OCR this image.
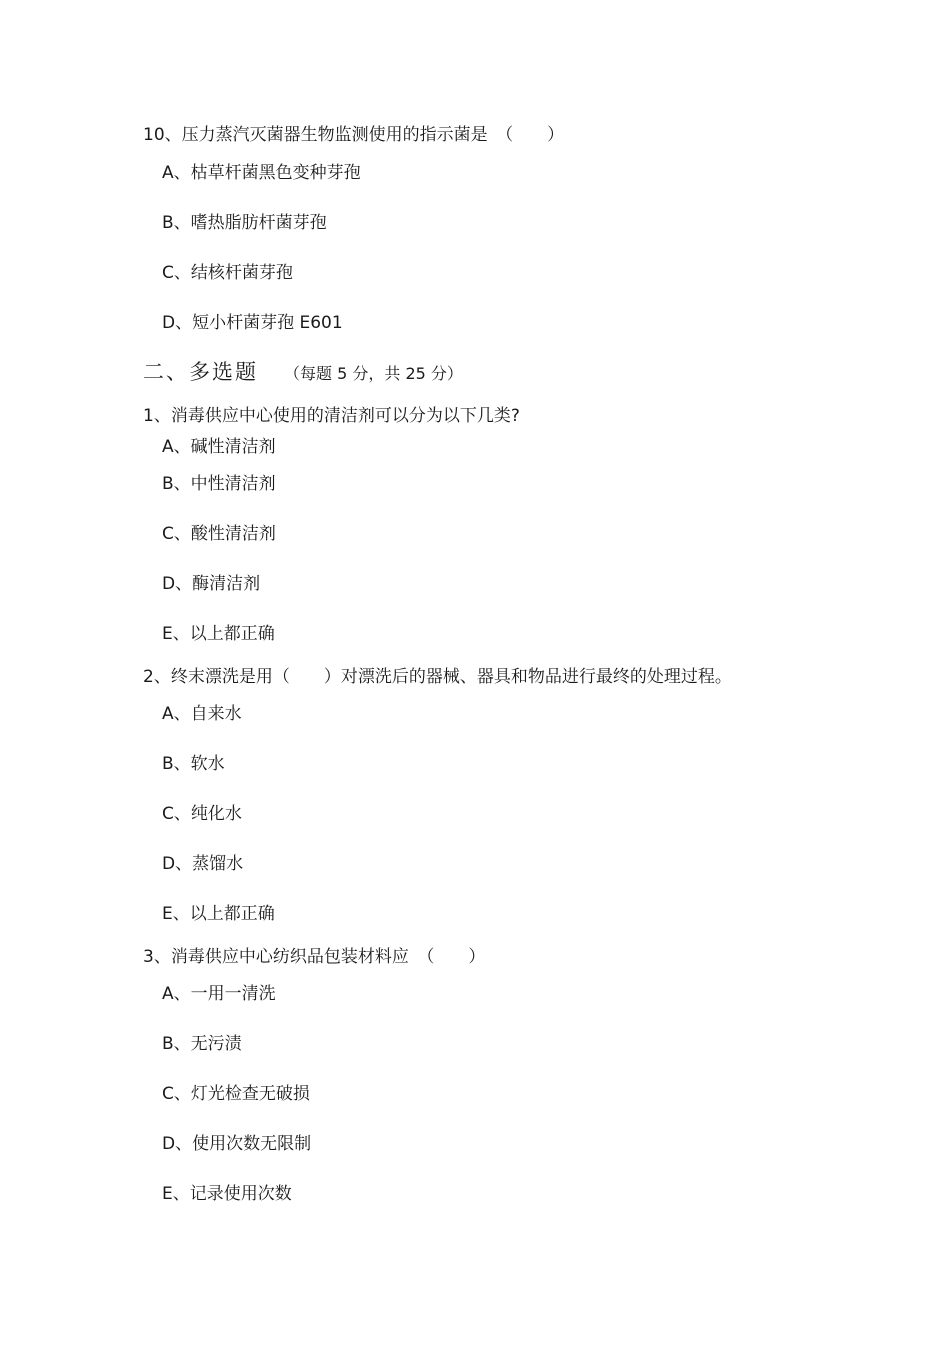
10、压力蒸汽灭菌器生物监测使用的指示菌是　（　　）
A、枯草杆菌黑色变种芽孢
B、嗜热脂肪杆菌芽孢
C、结核杆菌芽孢
D、短小杆菌芽孢 E601
二、多选题 （每题 5 分，共 25 分）
1、消毒供应中心使用的清洁剂可以分为以下几类?
A、碱性清洁剂
B、中性清洁剂
C、酸性清洁剂
D、酶清洁剂
E、以上都正确
2、终末漂洗是用（　　）对漂洗后的器械、器具和物品进行最终的处理过程。
A、自来水
B、软水
C、纯化水
D、蒸馏水
E、以上都正确
3、消毒供应中心纺织品包装材料应　（　　）
A、一用一清洗
B、无污渍
C、灯光检查无破损
D、使用次数无限制
E、记录使用次数
